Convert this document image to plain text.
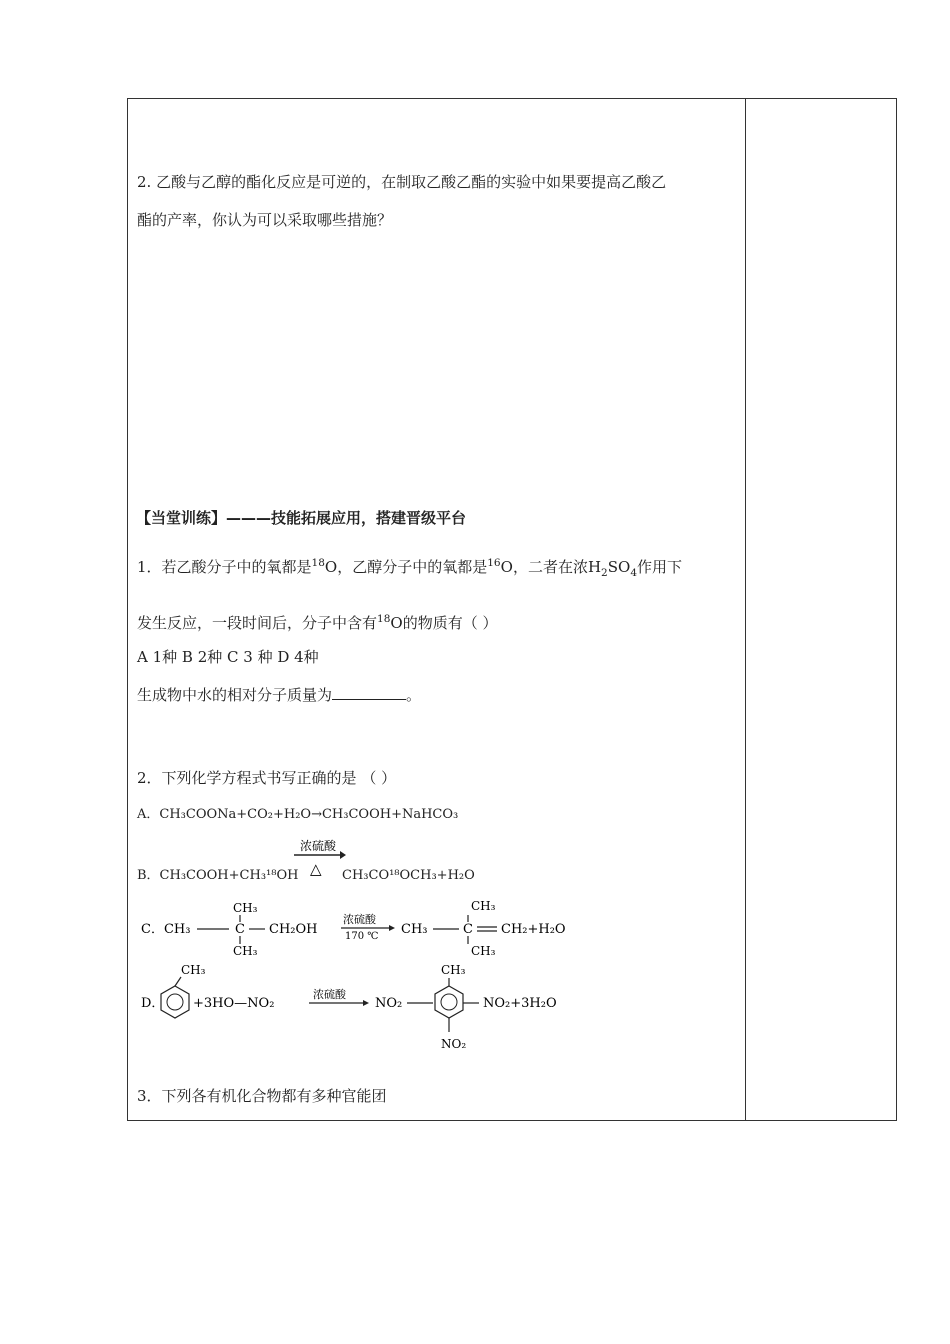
2. 乙酸与乙醇的酯化反应是可逆的，在制取乙酸乙酯的实验中如果要提高乙酸乙
酯的产率，你认为可以采取哪些措施？
【当堂训练】———技能拓展应用，搭建晋级平台
1．若乙酸分子中的氧都是$^{18}$O，乙醇分子中的氧都是$^{16}$O，二者在浓$H_2SO_4$作用下
发生反应，一段时间后，分子中含有$^{18}$O的物质有（ ）
A 1种 B 2种 C 3 种 D 4种
生成物中水的相对分子质量为	。
2．下列化学方程式书写正确的是 （ ）
A．CH₃COONa+CO₂+H₂O→CH₃COOH+NaHCO₃
B．CH₃COOH+CH₃¹⁸OH
浓硫酸
△ CH₃CO¹⁸OCH₃+H₂O
C．CH₃
CH₃
C
CH₃
CH₂OH
浓硫酸
170 ℃ CH₃
CH₃
C
CH₃
CH₂+H₂O
D．
CH₃
+3HO—NO₂
浓硫酸
NO₂
CH₃
NO₂+3H₂O
NO₂
3．下列各有机化合物都有多种官能团
